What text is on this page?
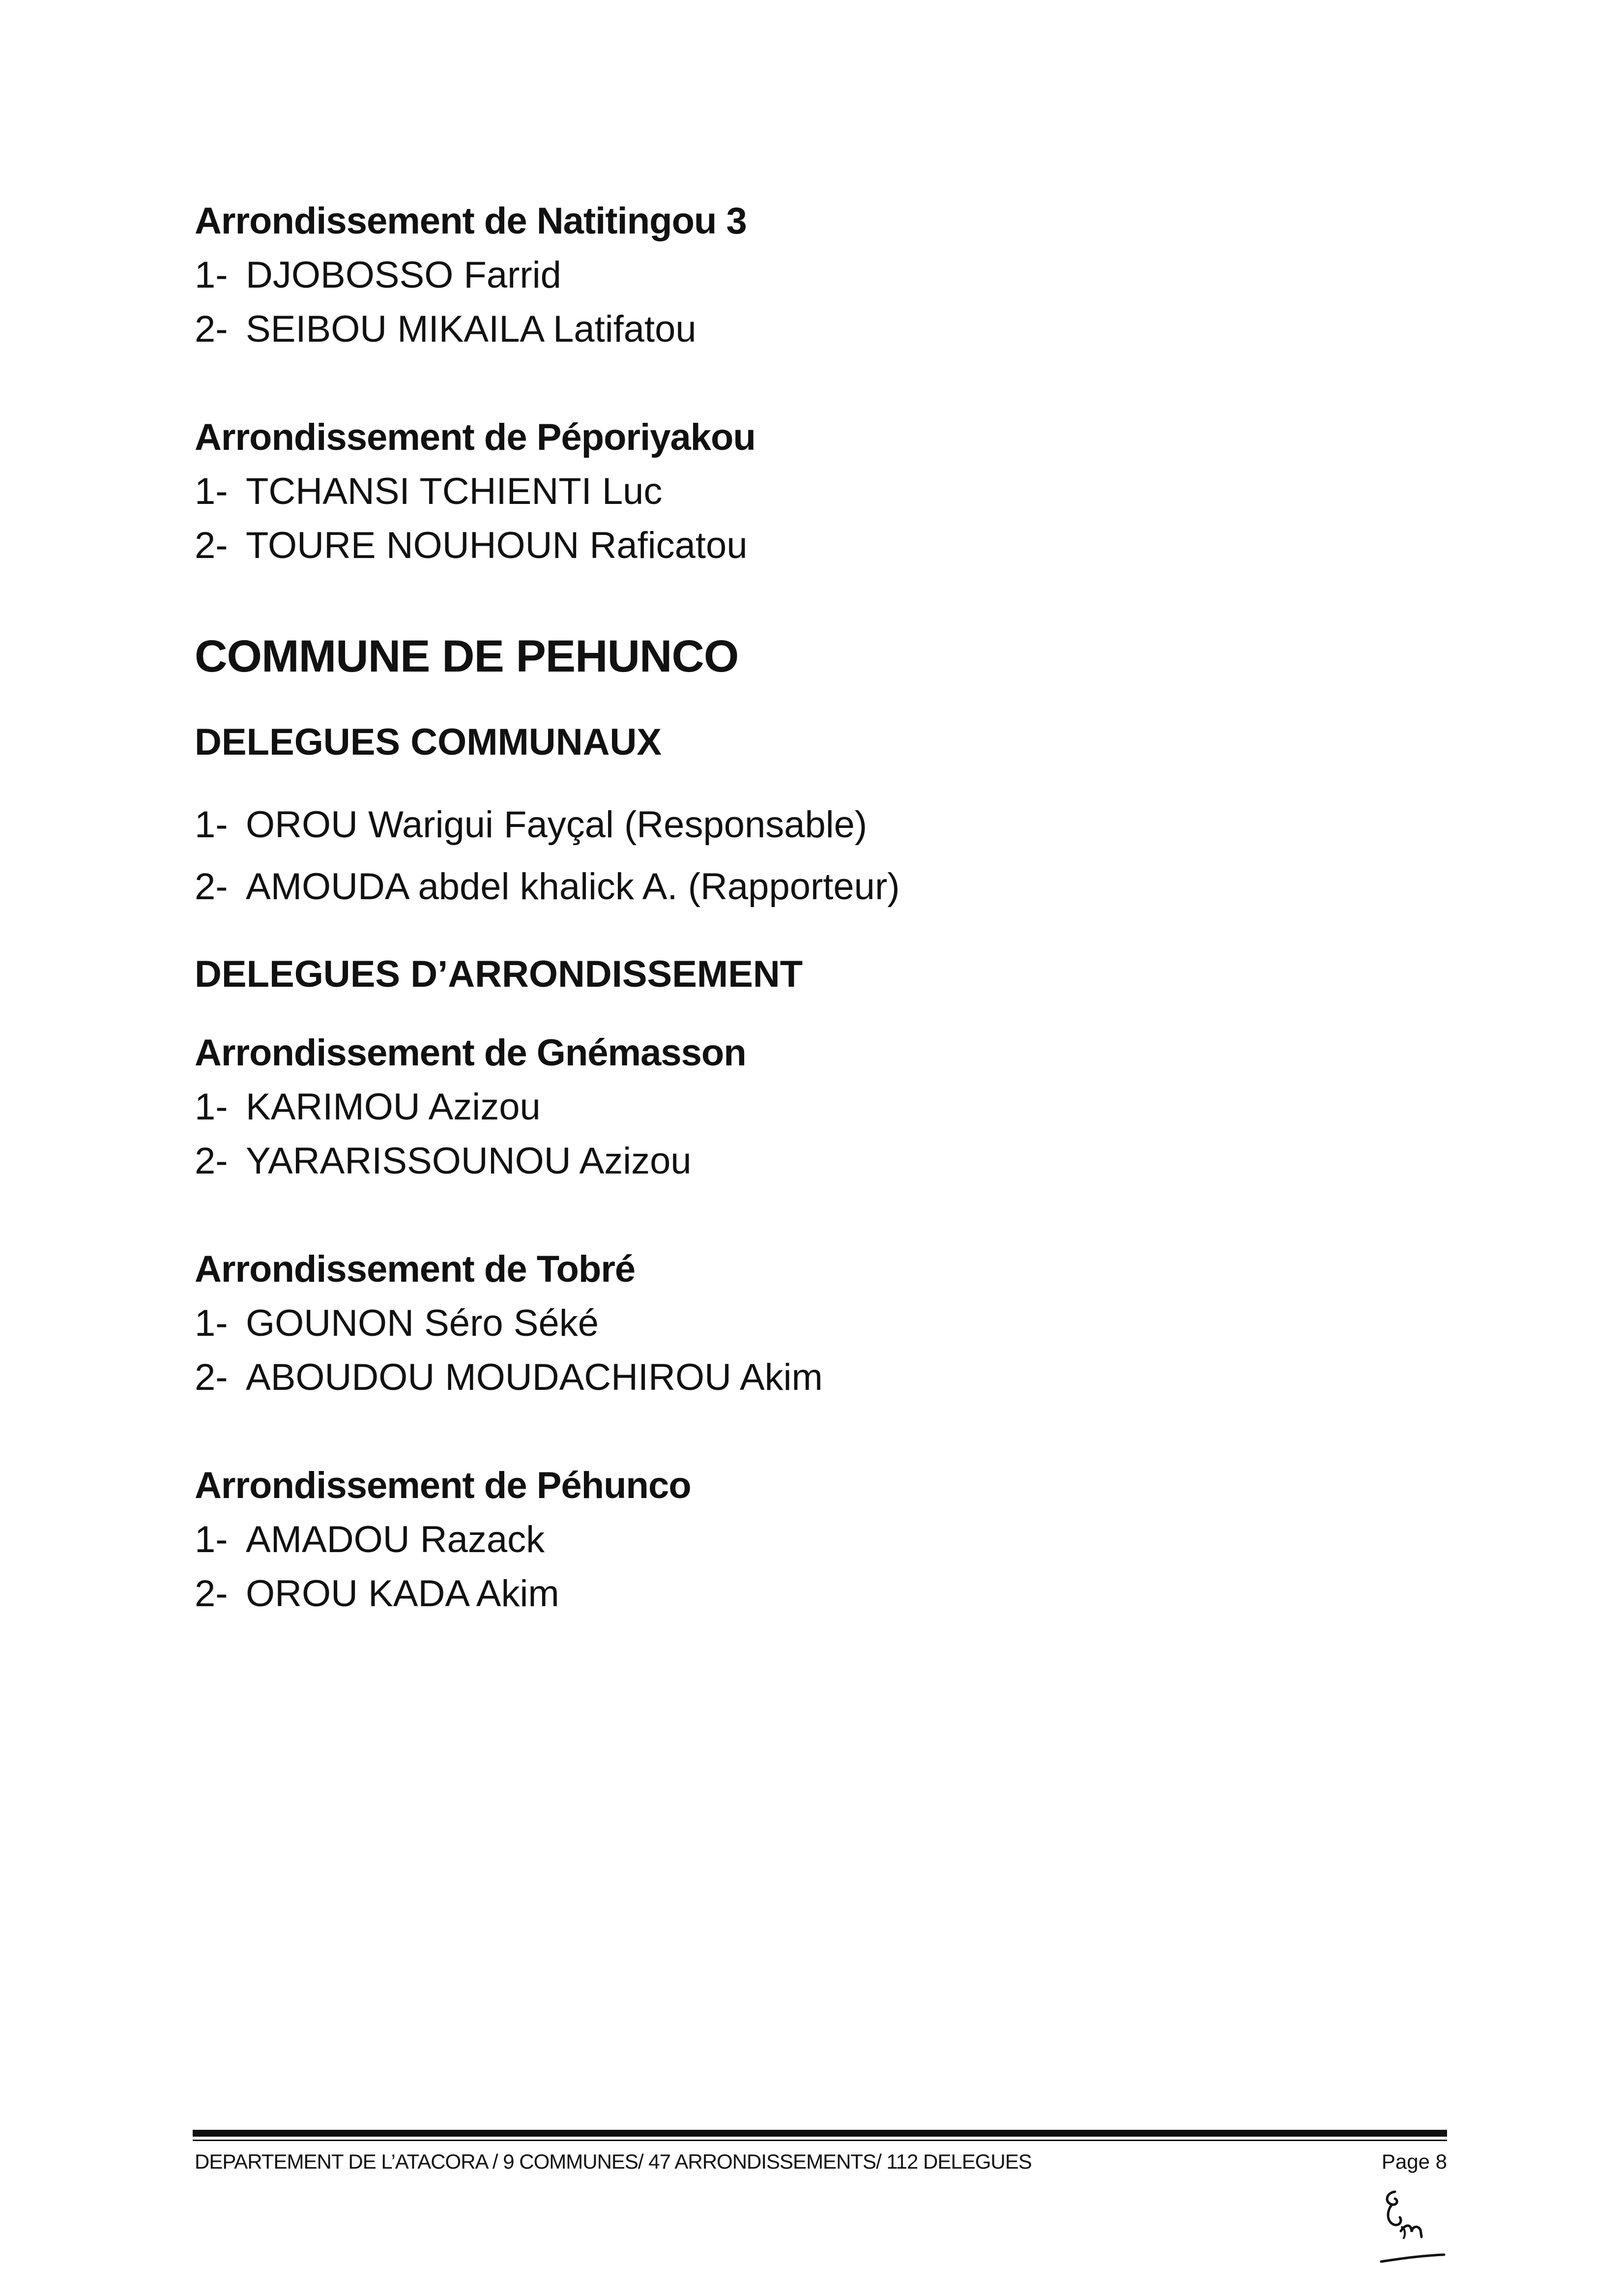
Arrondissement de Natitingou 3

1- DJOBOSSO Farrid
2- SEIBOU MIKAILA Latifatou

Arrondissement de Péporiyakou

1- TCHANSI TCHIENTI Luc
2- TOURE NOUHOUN Raficatou

COMMUNE DE PEHUNCO

DELEGUES COMMUNAUX

1- OROU Warigui Fayçal (Responsable)
2- AMOUDA abdel khalick A. (Rapporteur)

DELEGUES D’ARRONDISSEMENT

Arrondissement de Gnémasson

1- KARIMOU Azizou
2- YARARISSOUNOU Azizou

Arrondissement de Tobré

1- GOUNON Séro Séké
2- ABOUDOU MOUDACHIROU Akim

Arrondissement de Péhunco

1- AMADOU Razack
2- OROU KADA Akim
DEPARTEMENT DE L’ATACORA / 9 COMMUNES/ 47 ARRONDISSEMENTS/ 112 DELEGUES	Page 8
